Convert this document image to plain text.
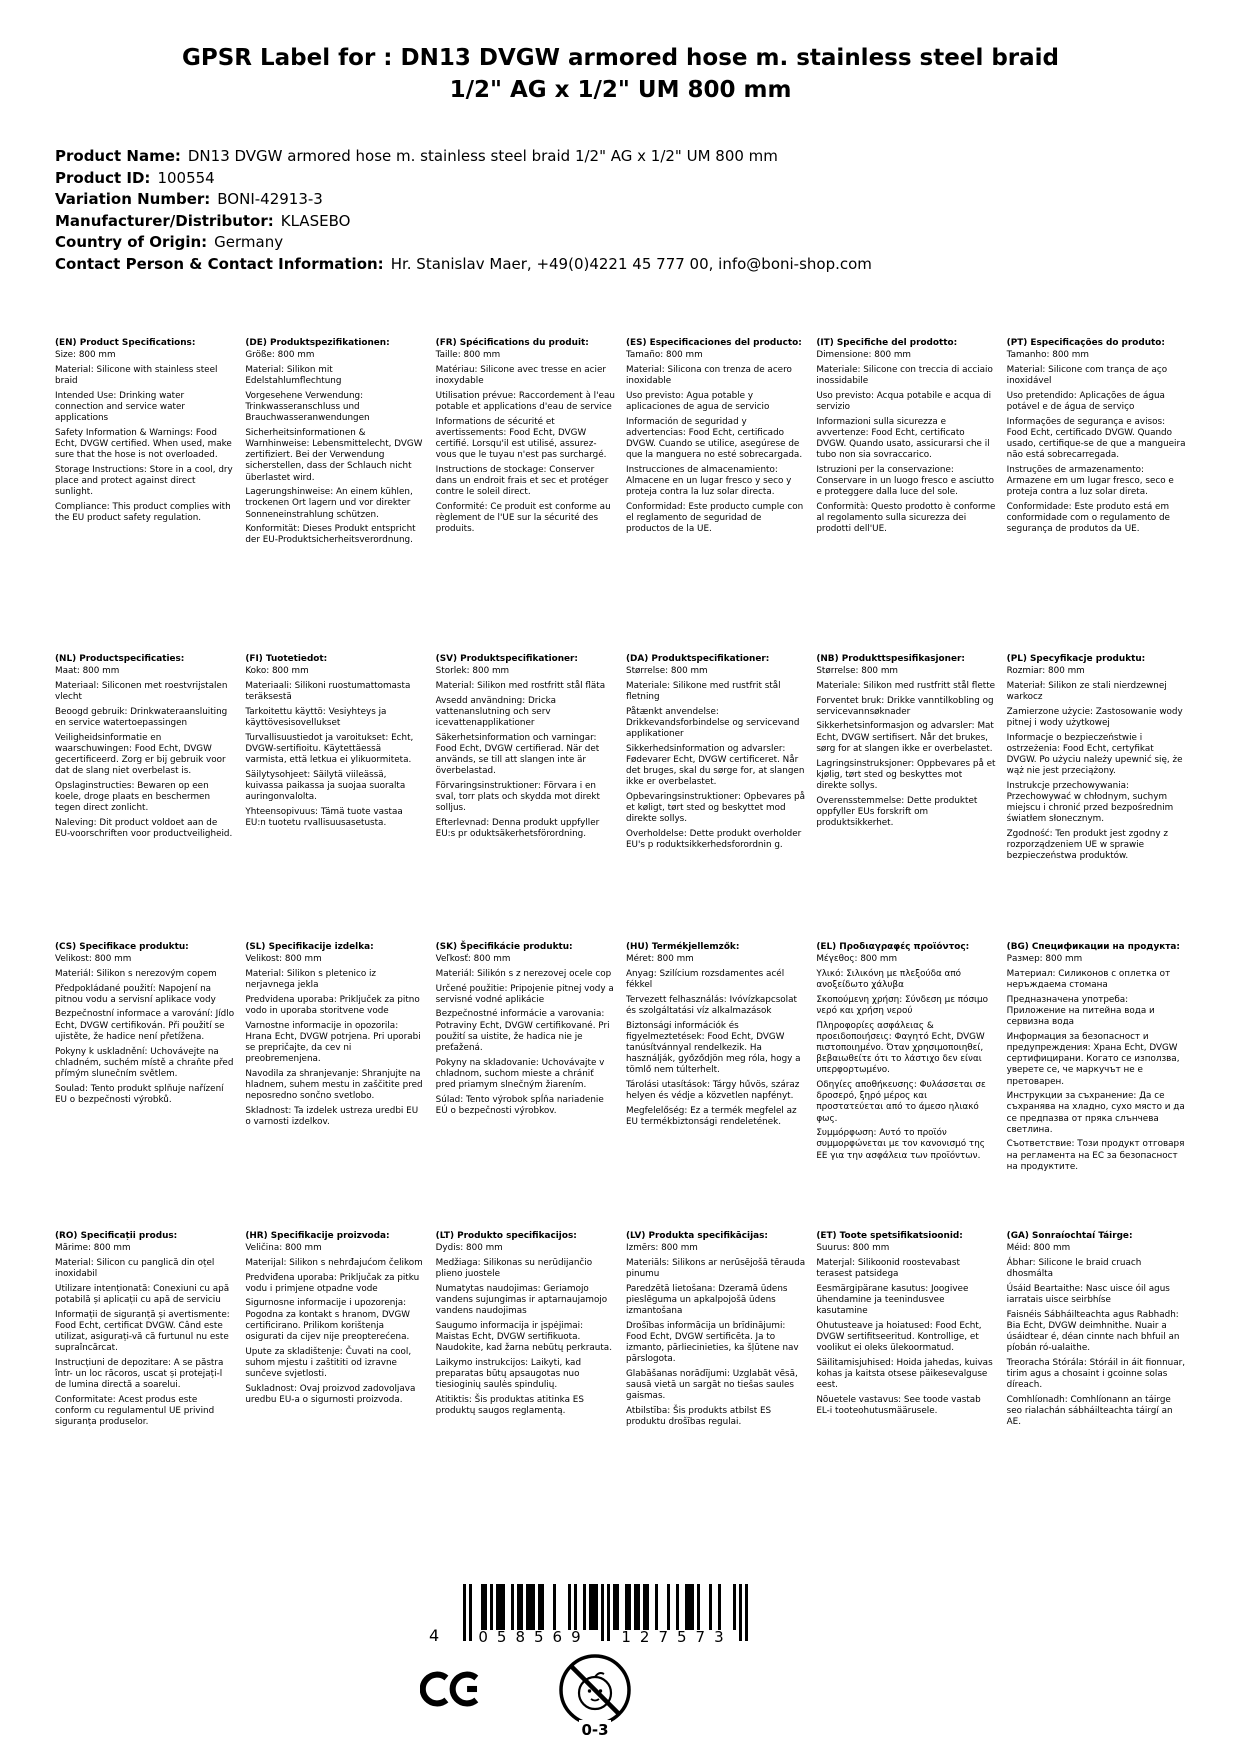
GPSR Label for : DN13 DVGW armored hose m. stainless steel braid
1/2" AG x 1/2" UM 800 mm
Product Name: DN13 DVGW armored hose m. stainless steel braid 1/2" AG x 1/2" UM 800 mm
Product ID: 100554
Variation Number: BONI-42913-3
Manufacturer/Distributor: KLASEBO
Country of Origin: Germany
Contact Person & Contact Information: Hr. Stanislav Maer, +49(0)4221 45 777 00, info@boni-shop.com
(EN) Product Specifications:

Size: 800 mm

Material: Silicone with stainless steel braid

Intended Use: Drinking water connection and service water applications

Safety Information & Warnings: Food Echt, DVGW certified. When used, make sure that the hose is not overloaded.

Storage Instructions: Store in a cool, dry place and protect against direct sunlight.

Compliance: This product complies with the EU product safety regulation.

(DE) Produktspezifikationen:

Größe: 800 mm

Material: Silikon mit Edelstahlumflechtung

Vorgesehene Verwendung: Trinkwasseranschluss und Brauchwasseranwendungen

Sicherheitsinformationen & Warnhinweise: Lebensmittelecht, DVGW zertifiziert. Bei der Verwendung sicherstellen, dass der Schlauch nicht überlastet wird.

Lagerungshinweise: An einem kühlen, trockenen Ort lagern und vor direkter Sonneneinstrahlung schützen.

Konformität: Dieses Produkt entspricht der EU-Produktsicherheitsverordnung.

(FR) Spécifications du produit:

Taille: 800 mm

Matériau: Silicone avec tresse en acier inoxydable

Utilisation prévue: Raccordement à l'eau potable et applications d'eau de service

Informations de sécurité et avertissements: Food Echt, DVGW certifié. Lorsqu'il est utilisé, assurez-vous que le tuyau n'est pas surchargé.

Instructions de stockage: Conserver dans un endroit frais et sec et protéger contre le soleil direct.

Conformité: Ce produit est conforme au règlement de l'UE sur la sécurité des produits.

(ES) Especificaciones del producto:

Tamaño: 800 mm

Material: Silicona con trenza de acero inoxidable

Uso previsto: Agua potable y aplicaciones de agua de servicio

Información de seguridad y advertencias: Food Echt, certificado DVGW. Cuando se utilice, asegúrese de que la manguera no esté sobrecargada.

Instrucciones de almacenamiento: Almacene en un lugar fresco y seco y proteja contra la luz solar directa.

Conformidad: Este producto cumple con el reglamento de seguridad de productos de la UE.

(IT) Specifiche del prodotto:

Dimensione: 800 mm

Materiale: Silicone con treccia di acciaio inossidabile

Uso previsto: Acqua potabile e acqua di servizio

Informazioni sulla sicurezza e avvertenze: Food Echt, certificato DVGW. Quando usato, assicurarsi che il tubo non sia sovraccarico.

Istruzioni per la conservazione: Conservare in un luogo fresco e asciutto e proteggere dalla luce del sole.

Conformità: Questo prodotto è conforme al regolamento sulla sicurezza dei prodotti dell'UE.

(PT) Especificações do produto:

Tamanho: 800 mm

Material: Silicone com trança de aço inoxidável

Uso pretendido: Aplicações de água potável e de água de serviço

Informações de segurança e avisos: Food Echt, certificado DVGW. Quando usado, certifique-se de que a mangueira não está sobrecarregada.

Instruções de armazenamento: Armazene em um lugar fresco, seco e proteja contra a luz solar direta.

Conformidade: Este produto está em conformidade com o regulamento de segurança de produtos da UE.

(NL) Productspecificaties:

Maat: 800 mm

Materiaal: Siliconen met roestvrijstalen vlecht

Beoogd gebruik: Drinkwateraansluiting en service watertoepassingen

Veiligheidsinformatie en waarschuwingen: Food Echt, DVGW gecertificeerd. Zorg er bij gebruik voor dat de slang niet overbelast is.

Opslaginstructies: Bewaren op een koele, droge plaats en beschermen tegen direct zonlicht.

Naleving: Dit product voldoet aan de EU-voorschriften voor productveiligheid.

(FI) Tuotetiedot:

Koko: 800 mm

Materiaali: Silikoni ruostumattomasta teräksestä

Tarkoitettu käyttö: Vesiyhteys ja käyttövesisovellukset

Turvallisuustiedot ja varoitukset: Echt, DVGW-sertifioitu. Käytettäessä varmista, että letkua ei ylikuormiteta.

Säilytysohjeet: Säilytä viileässä, kuivassa paikassa ja suojaa suoralta auringonvalolta.

Yhteensopivuus: Tämä tuote vastaa EU:n tuotetu rvallisuusasetusta.

(SV) Produktspecifikationer:

Storlek: 800 mm

Material: Silikon med rostfritt stål fläta

Avsedd användning: Dricka vattenanslutning och serv icevattenapplikationer

Säkerhetsinformation och varningar: Food Echt, DVGW certifierad. När det används, se till att slangen inte är överbelastad.

Förvaringsinstruktioner: Förvara i en sval, torr plats och skydda mot direkt solljus.

Efterlevnad: Denna produkt uppfyller EU:s pr oduktsäkerhetsförordning.

(DA) Produktspecifikationer:

Størrelse: 800 mm

Materiale: Silikone med rustfrit stål fletning

Påtænkt anvendelse: Drikkevandsforbindelse og servicevand applikationer

Sikkerhedsinformation og advarsler: Fødevarer Echt, DVGW certificeret. Når det bruges, skal du sørge for, at slangen ikke er overbelastet.

Opbevaringsinstruktioner: Opbevares på et køligt, tørt sted og beskyttet mod direkte sollys.

Overholdelse: Dette produkt overholder EU's p roduktsikkerhedsforordnin g.

(NB) Produkttspesifikasjoner:

Størrelse: 800 mm

Materiale: Silikon med rustfritt stål flette

Forventet bruk: Drikke vanntilkobling og servicevannsøknader

Sikkerhetsinformasjon og advarsler: Mat Echt, DVGW sertifisert. Når det brukes, sørg for at slangen ikke er overbelastet.

Lagringsinstruksjoner: Oppbevares på et kjølig, tørt sted og beskyttes mot direkte sollys.

Overensstemmelse: Dette produktet oppfyller EUs forskrift om produktsikkerhet.

(PL) Specyfikacje produktu:

Rozmiar: 800 mm

Materiał: Silikon ze stali nierdzewnej warkocz

Zamierzone użycie: Zastosowanie wody pitnej i wody użytkowej

Informacje o bezpieczeństwie i ostrzeżenia: Food Echt, certyfikat DVGW. Po użyciu należy upewnić się, że wąż nie jest przeciążony.

Instrukcje przechowywania: Przechowywać w chłodnym, suchym miejscu i chronić przed bezpośrednim światłem słonecznym.

Zgodność: Ten produkt jest zgodny z rozporządzeniem UE w sprawie bezpieczeństwa produktów.

(CS) Specifikace produktu:

Velikost: 800 mm

Materiál: Silikon s nerezovým copem

Předpokládané použití: Napojení na pitnou vodu a servisní aplikace vody

Bezpečnostní informace a varování: Jídlo Echt, DVGW certifikován. Při použití se ujistěte, že hadice není přetížena.

Pokyny k uskladnění: Uchovávejte na chladném, suchém místě a chraňte před přímým slunečním světlem.

Soulad: Tento produkt splňuje nařízení EU o bezpečnosti výrobků.

(SL) Specifikacije izdelka:

Velikost: 800 mm

Material: Silikon s pletenico iz nerjavnega jekla

Predvidena uporaba: Priključek za pitno vodo in uporaba storitvene vode

Varnostne informacije in opozorila: Hrana Echt, DVGW potrjena. Pri uporabi se prepričajte, da cev ni preobremenjena.

Navodila za shranjevanje: Shranjujte na hladnem, suhem mestu in zaščitite pred neposredno sončno svetlobo.

Skladnost: Ta izdelek ustreza uredbi EU o varnosti izdelkov.

(SK) Špecifikácie produktu:

Veľkosť: 800 mm

Materiál: Silikón s z nerezovej ocele cop

Určené použitie: Pripojenie pitnej vody a servisné vodné aplikácie

Bezpečnostné informácie a varovania: Potraviny Echt, DVGW certifikované. Pri použití sa uistite, že hadica nie je preťažená.

Pokyny na skladovanie: Uchovávajte v chladnom, suchom mieste a chrániť pred priamym slnečným žiarením.

Súlad: Tento výrobok spĺňa nariadenie EÚ o bezpečnosti výrobkov.

(HU) Termékjellemzők:

Méret: 800 mm

Anyag: Szilícium rozsdamentes acél fékkel

Tervezett felhasználás: Ivóvízkapcsolat és szolgáltatási víz alkalmazások

Biztonsági információk és figyelmeztetések: Food Echt, DVGW tanúsítvánnyal rendelkezik. Ha használják, győződjön meg róla, hogy a tömlő nem túlterhelt.

Tárolási utasítások: Tárgy hűvös, száraz helyen és védje a közvetlen napfényt.

Megfelelőség: Ez a termék megfelel az EU termékbiztonsági rendeletének.

(EL) Προδιαγραφές προϊόντος:

Μέγεθος: 800 mm

Υλικό: Σιλικόνη με πλεξούδα από ανοξείδωτο χάλυβα

Σκοπούμενη χρήση: Σύνδεση με πόσιμο νερό και χρήση νερού

Πληροφορίες ασφάλειας & προειδοποιήσεις: Φαγητό Echt, DVGW πιστοποιημένο. Όταν χρησιμοποιηθεί, βεβαιωθείτε ότι το λάστιχο δεν είναι υπερφορτωμένο.

Οδηγίες αποθήκευσης: Φυλάσσεται σε δροσερό, ξηρό μέρος και προστατεύεται από το άμεσο ηλιακό φως.

Συμμόρφωση: Αυτό το προϊόν συμμορφώνεται με τον κανονισμό της ΕΕ για την ασφάλεια των προϊόντων.

(BG) Спецификации на продукта:

Размер: 800 mm

Материал: Силиконов с оплетка от неръждаема стомана

Предназначена употреба: Приложение на питейна вода и сервизна вода

Информация за безопасност и предупреждения: Храна Echt, DVGW сертифицирани. Когато се използва, уверете се, че маркучът не е претоварен.

Инструкции за съхранение: Да се съхранява на хладно, сухо място и да се предпазва от пряка слънчева светлина.

Съответствие: Този продукт отговаря на регламента на ЕС за безопасност на продуктите.

(RO) Specificații produs:

Mărime: 800 mm

Material: Silicon cu panglică din oțel inoxidabil

Utilizare intenționată: Conexiuni cu apă potabilă și aplicații cu apă de serviciu

Informații de siguranță și avertismente: Food Echt, certificat DVGW. Când este utilizat, asigurați-vă că furtunul nu este supraîncărcat.

Instrucțiuni de depozitare: A se păstra într- un loc răcoros, uscat și protejați-l de lumina directă a soarelui.

Conformitate: Acest produs este conform cu regulamentul UE privind siguranța produselor.

(HR) Specifikacije proizvoda:

Veličina: 800 mm

Materijal: Silikon s nehrđajućom čelikom

Predviđena uporaba: Priključak za pitku vodu i primjene otpadne vode

Sigurnosne informacije i upozorenja: Pogodna za kontakt s hranom, DVGW certificirano. Prilikom korištenja osigurati da cijev nije preopterećena.

Upute za skladištenje: Čuvati na cool, suhom mjestu i zaštititi od izravne sunčeve svjetlosti.

Sukladnost: Ovaj proizvod zadovoljava uredbu EU-a o sigurnosti proizvoda.

(LT) Produkto specifikacijos:

Dydis: 800 mm

Medžiaga: Silikonas su nerūdijančio plieno juostele

Numatytas naudojimas: Geriamojo vandens sujungimas ir aptarnaujamojo vandens naudojimas

Saugumo informacija ir įspėjimai: Maistas Echt, DVGW sertifikuota. Naudokite, kad žarna nebūtų perkrauta.

Laikymo instrukcijos: Laikyti, kad preparatas būtų apsaugotas nuo tiesioginių saulės spindulių.

Atitiktis: Šis produktas atitinka ES produktų saugos reglamentą.

(LV) Produkta specifikācijas:

Izmērs: 800 mm

Materiāls: Silikons ar nerūsējošā tērauda pinumu

Paredzētā lietošana: Dzeramā ūdens pieslēguma un apkalpojošā ūdens izmantošana

Drošības informācija un brīdinājumi: Food Echt, DVGW sertificēta. Ja to izmanto, pārliecinieties, ka šļūtene nav pārslogota.

Glabāšanas norādījumi: Uzglabāt vēsā, sausā vietā un sargāt no tiešas saules gaismas.

Atbilstība: Šis produkts atbilst ES produktu drošības regulai.

(ET) Toote spetsifikatsioonid:

Suurus: 800 mm

Materjal: Silikoonid roostevabast terasest patsidega

Eesmärgipärane kasutus: Joogivee ühendamine ja teenindusvee kasutamine

Ohutusteave ja hoiatused: Food Echt, DVGW sertifitseeritud. Kontrollige, et voolikut ei oleks ülekoormatud.

Säilitamisjuhised: Hoida jahedas, kuivas kohas ja kaitsta otsese päikesevalguse eest.

Nõuetele vastavus: See toode vastab EL-i tooteohutusmäärusele.

(GA) Sonraíochtaí Táirge:

Méid: 800 mm

Ábhar: Silicone le braid cruach dhosmálta

Úsáid Beartaithe: Nasc uisce óil agus iarratais uisce seirbhíse

Faisnéis Sábháilteachta agus Rabhadh: Bia Echt, DVGW deimhnithe. Nuair a úsáidtear é, déan cinnte nach bhfuil an píobán ró-ualaithe.

Treoracha Stórála: Stóráil in áit fionnuar, tirim agus a chosaint i gcoinne solas díreach.

Comhlíonadh: Comhlíonann an táirge seo rialachán sábháilteachta táirgí an AE.

4	058569	127573
0-3
